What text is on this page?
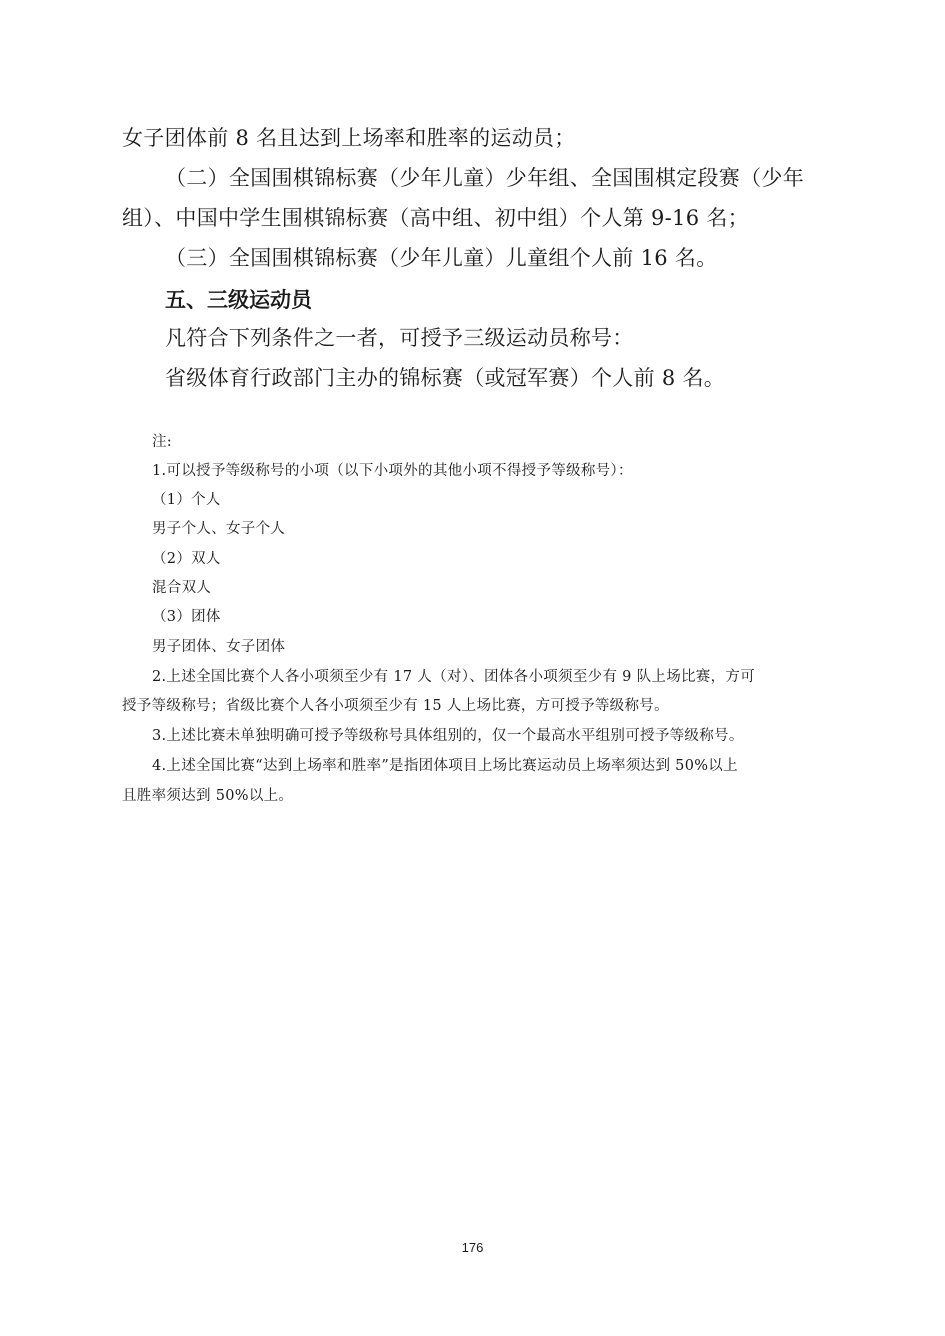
女子团体前 8 名且达到上场率和胜率的运动员；

（二）全国围棋锦标赛（少年儿童）少年组、全国围棋定段赛（少年

组）、中国中学生围棋锦标赛（高中组、初中组）个人第 9-16 名；

（三）全国围棋锦标赛（少年儿童）儿童组个人前 16 名。

五、三级运动员

凡符合下列条件之一者，可授予三级运动员称号：

省级体育行政部门主办的锦标赛（或冠军赛）个人前 8 名。

注:

1.可以授予等级称号的小项（以下小项外的其他小项不得授予等级称号）：

（1）个人

男子个人、女子个人

（2）双人

混合双人

（3）团体

男子团体、女子团体

2.上述全国比赛个人各小项须至少有 17 人（对）、团体各小项须至少有 9 队上场比赛，方可

授予等级称号；省级比赛个人各小项须至少有 15 人上场比赛，方可授予等级称号。

3.上述比赛未单独明确可授予等级称号具体组别的，仅一个最高水平组别可授予等级称号。

4.上述全国比赛“达到上场率和胜率”是指团体项目上场比赛运动员上场率须达到 50%以上

且胜率须达到 50%以上。

176
